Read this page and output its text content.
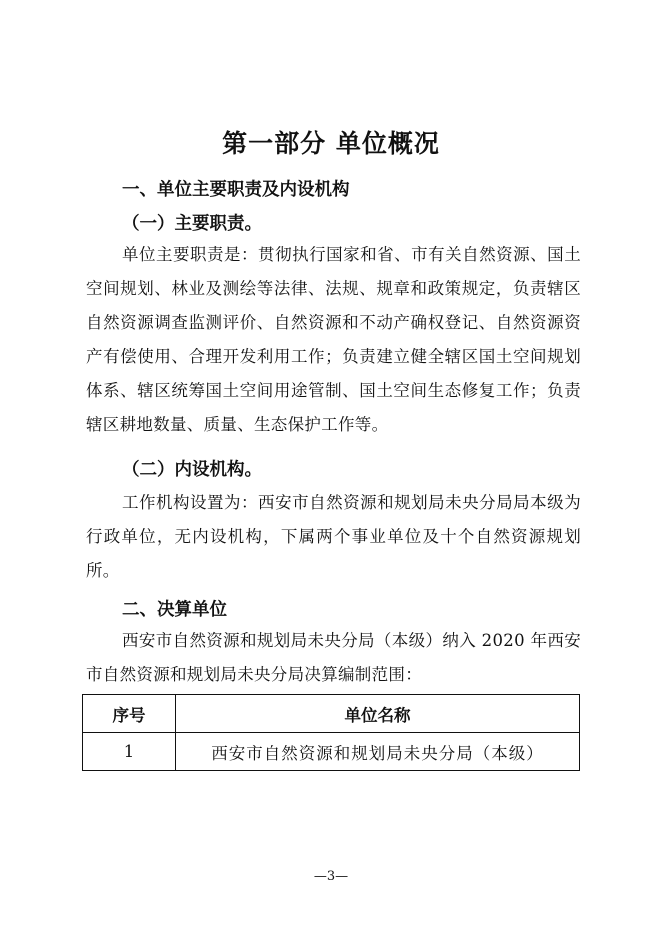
第一部分 单位概况
一、单位主要职责及内设机构
（一）主要职责。

单位主要职责是：贯彻执行国家和省、市有关自然资源、国土空间规划、林业及测绘等法律、法规、规章和政策规定，负责辖区自然资源调查监测评价、自然资源和不动产确权登记、自然资源资产有偿使用、合理开发利用工作；负责建立健全辖区国土空间规划体系、辖区统筹国土空间用途管制、国土空间生态修复工作；负责辖区耕地数量、质量、生态保护工作等。

（二）内设机构。

工作机构设置为：西安市自然资源和规划局未央分局局本级为行政单位，无内设机构，下属两个事业单位及十个自然资源规划所。

二、决算单位

西安市自然资源和规划局未央分局（本级）纳入 2020 年西安市自然资源和规划局未央分局决算编制范围：

序号	单位名称
1	西安市自然资源和规划局未央分局（本级）
—3—
